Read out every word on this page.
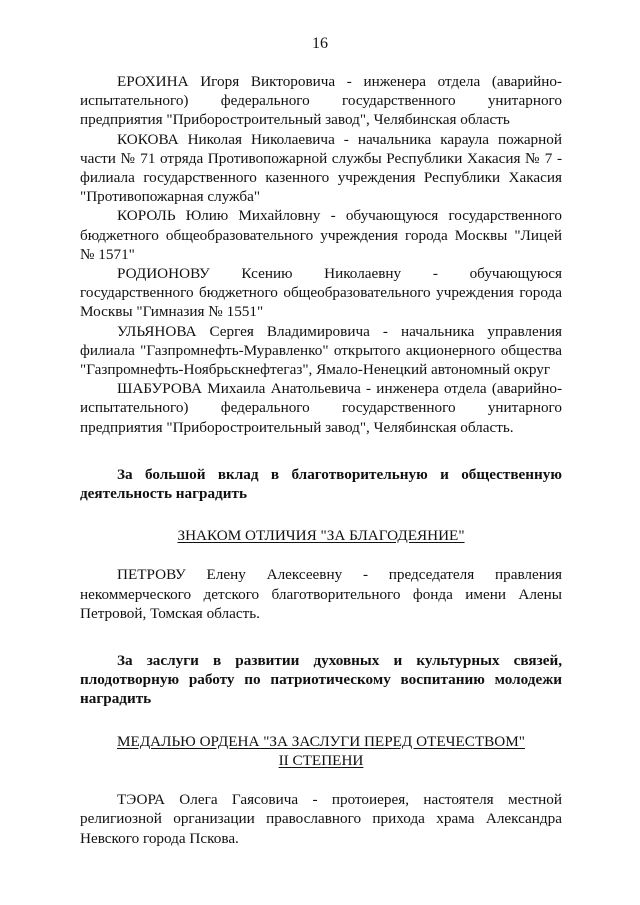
16

ЕРОХИНА Игоря Викторовича - инженера отдела (аварийно-испытательного) федерального государственного унитарного предприятия "Приборостроительный завод", Челябинская область

КОКОВА Николая Николаевича - начальника караула пожарной части № 71 отряда Противопожарной службы Республики Хакасия № 7 - филиала государственного казенного учреждения Республики Хакасия "Противопожарная служба"

КОРОЛЬ Юлию Михайловну - обучающуюся государственного бюджетного общеобразовательного учреждения города Москвы "Лицей № 1571"

РОДИОНОВУ Ксению Николаевну - обучающуюся государственного бюджетного общеобразовательного учреждения города Москвы "Гимназия № 1551"

УЛЬЯНОВА Сергея Владимировича - начальника управления филиала "Газпромнефть-Муравленко" открытого акционерного общества "Газпромнефть-Ноябрьскнефтегаз", Ямало-Ненецкий автономный округ

ШАБУРОВА Михаила Анатольевича - инженера отдела (аварийно-испытательного) федерального государственного унитарного предприятия "Приборостроительный завод", Челябинская область.

За большой вклад в благотворительную и общественную деятельность наградить

ЗНАКОМ ОТЛИЧИЯ "ЗА БЛАГОДЕЯНИЕ"

ПЕТРОВУ Елену Алексеевну - председателя правления некоммерческого детского благотворительного фонда имени Алены Петровой, Томская область.

За заслуги в развитии духовных и культурных связей, плодотворную работу по патриотическому воспитанию молодежи наградить

МЕДАЛЬЮ ОРДЕНА "ЗА ЗАСЛУГИ ПЕРЕД ОТЕЧЕСТВОМ"
II СТЕПЕНИ

ТЭОРА Олега Гаясовича - протоиерея, настоятеля местной религиозной организации православного прихода храма Александра Невского города Пскова.
